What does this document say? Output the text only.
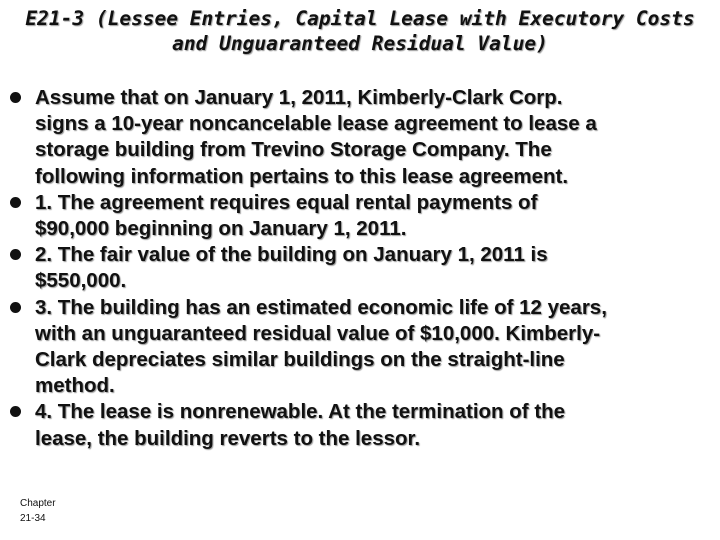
E21-3 (Lessee Entries, Capital Lease with Executory Costs
and Unguaranteed Residual Value)
Assume that on January 1, 2011, Kimberly-Clark Corp.
signs a 10-year noncancelable lease agreement to lease a
storage building from Trevino Storage Company. The
following information pertains to this lease agreement.
1. The agreement requires equal rental payments of
$90,000 beginning on January 1, 2011.
2. The fair value of the building on January 1, 2011 is
$550,000.
3. The building has an estimated economic life of 12 years,
with an unguaranteed residual value of $10,000. Kimberly-
Clark depreciates similar buildings on the straight-line
method.
4. The lease is nonrenewable. At the termination of the
lease, the building reverts to the lessor.
Chapter
21-34
